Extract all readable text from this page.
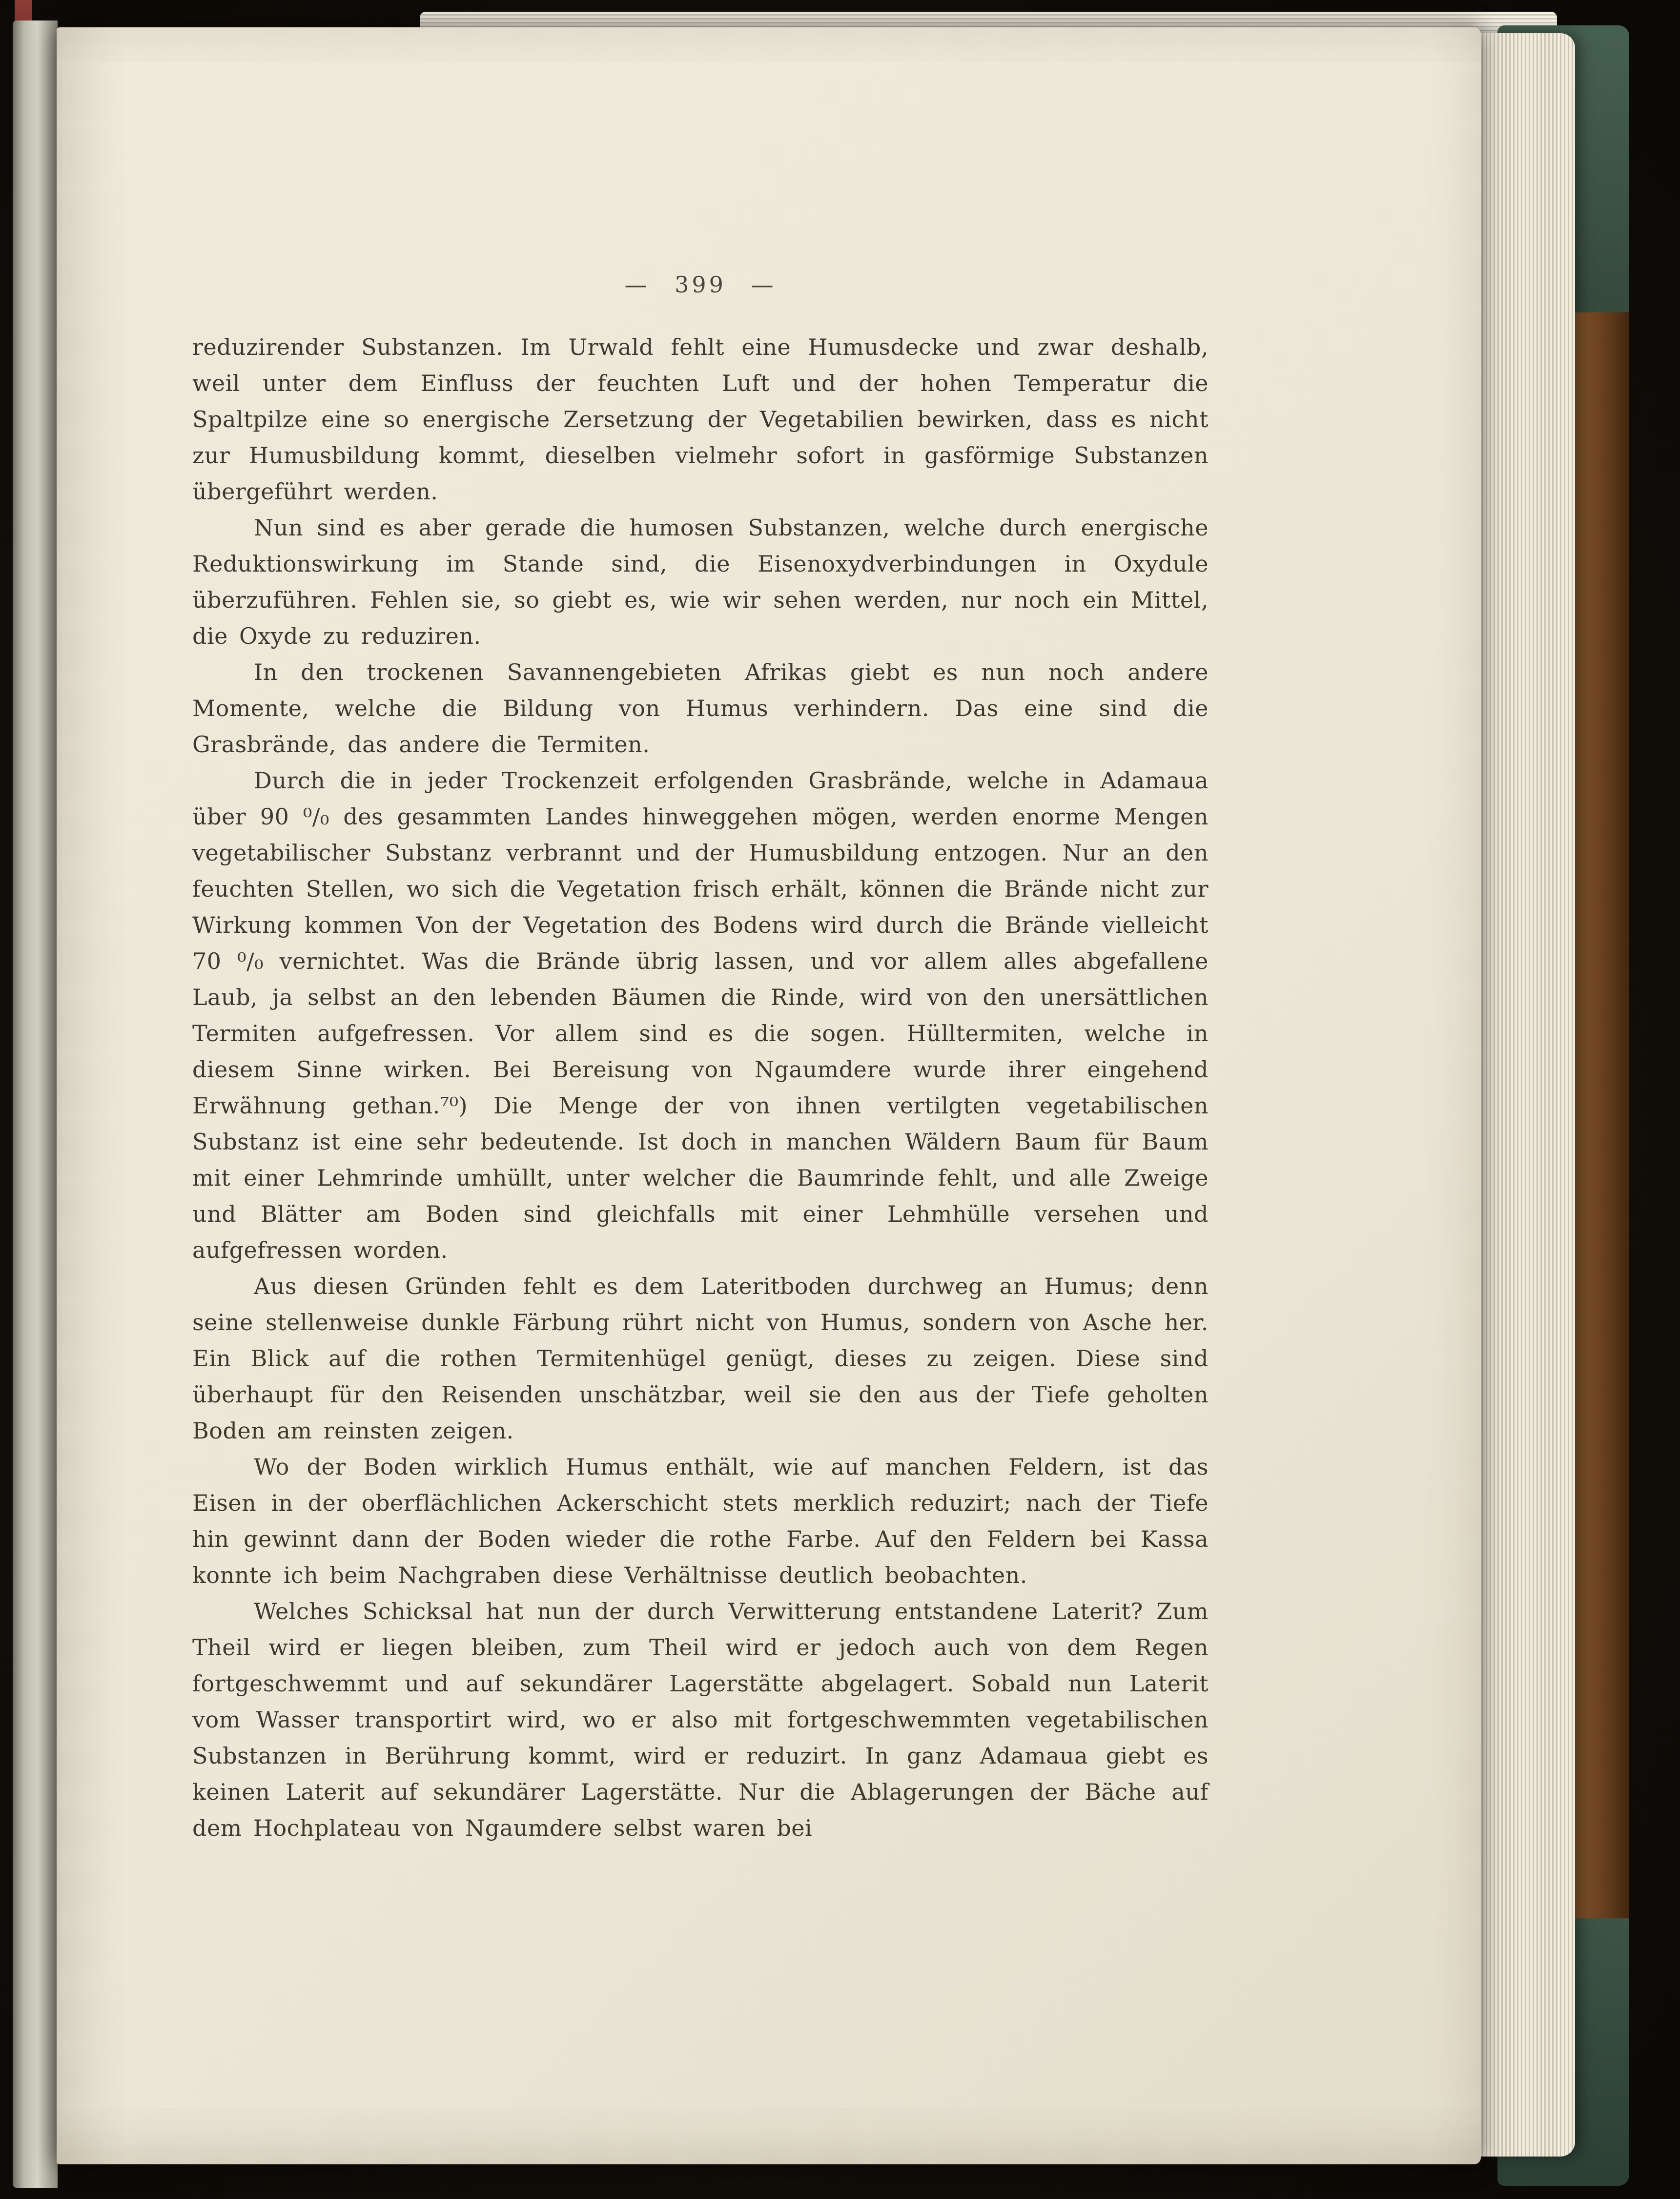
— 399 —

reduzirender Substanzen. Im Urwald fehlt eine Humusdecke und zwar deshalb, weil unter dem Einfluss der feuchten Luft und der hohen Temperatur die Spaltpilze eine so energische Zersetzung der Vegetabilien bewirken, dass es nicht zur Humusbildung kommt, dieselben vielmehr sofort in gasförmige Substanzen übergeführt werden.

Nun sind es aber gerade die humosen Substanzen, welche durch energische Reduktionswirkung im Stande sind, die Eisenoxydverbindungen in Oxydule überzuführen. Fehlen sie, so giebt es, wie wir sehen werden, nur noch ein Mittel, die Oxyde zu reduziren.

In den trockenen Savannengebieten Afrikas giebt es nun noch andere Momente, welche die Bildung von Humus verhindern. Das eine sind die Grasbrände, das andere die Termiten.

Durch die in jeder Trockenzeit erfolgenden Grasbrände, welche in Adamaua über 90 ⁰/₀ des gesammten Landes hinweggehen mögen, werden enorme Mengen vegetabilischer Substanz verbrannt und der Humusbildung entzogen. Nur an den feuchten Stellen, wo sich die Vegetation frisch erhält, können die Brände nicht zur Wirkung kommen Von der Vegetation des Bodens wird durch die Brände vielleicht 70 ⁰/₀ vernichtet. Was die Brände übrig lassen, und vor allem alles abgefallene Laub, ja selbst an den lebenden Bäumen die Rinde, wird von den unersättlichen Termiten aufgefressen. Vor allem sind es die sogen. Hülltermiten, welche in diesem Sinne wirken. Bei Bereisung von Ngaumdere wurde ihrer eingehend Erwähnung gethan.⁷⁰) Die Menge der von ihnen vertilgten vegetabilischen Substanz ist eine sehr bedeutende. Ist doch in manchen Wäldern Baum für Baum mit einer Lehmrinde umhüllt, unter welcher die Baumrinde fehlt, und alle Zweige und Blätter am Boden sind gleichfalls mit einer Lehmhülle versehen und aufgefressen worden.

Aus diesen Gründen fehlt es dem Lateritboden durchweg an Humus; denn seine stellenweise dunkle Färbung rührt nicht von Humus, sondern von Asche her. Ein Blick auf die rothen Termitenhügel genügt, dieses zu zeigen. Diese sind überhaupt für den Reisenden unschätzbar, weil sie den aus der Tiefe geholten Boden am reinsten zeigen.

Wo der Boden wirklich Humus enthält, wie auf manchen Feldern, ist das Eisen in der oberflächlichen Ackerschicht stets merklich reduzirt; nach der Tiefe hin gewinnt dann der Boden wieder die rothe Farbe. Auf den Feldern bei Kassa konnte ich beim Nachgraben diese Verhältnisse deutlich beobachten.

Welches Schicksal hat nun der durch Verwitterung entstandene Laterit? Zum Theil wird er liegen bleiben, zum Theil wird er jedoch auch von dem Regen fortgeschwemmt und auf sekundärer Lagerstätte abgelagert. Sobald nun Laterit vom Wasser transportirt wird, wo er also mit fortgeschwemmten vegetabilischen Substanzen in Berührung kommt, wird er reduzirt. In ganz Adamaua giebt es keinen Laterit auf sekundärer Lagerstätte. Nur die Ablagerungen der Bäche auf dem Hochplateau von Ngaumdere selbst waren bei
